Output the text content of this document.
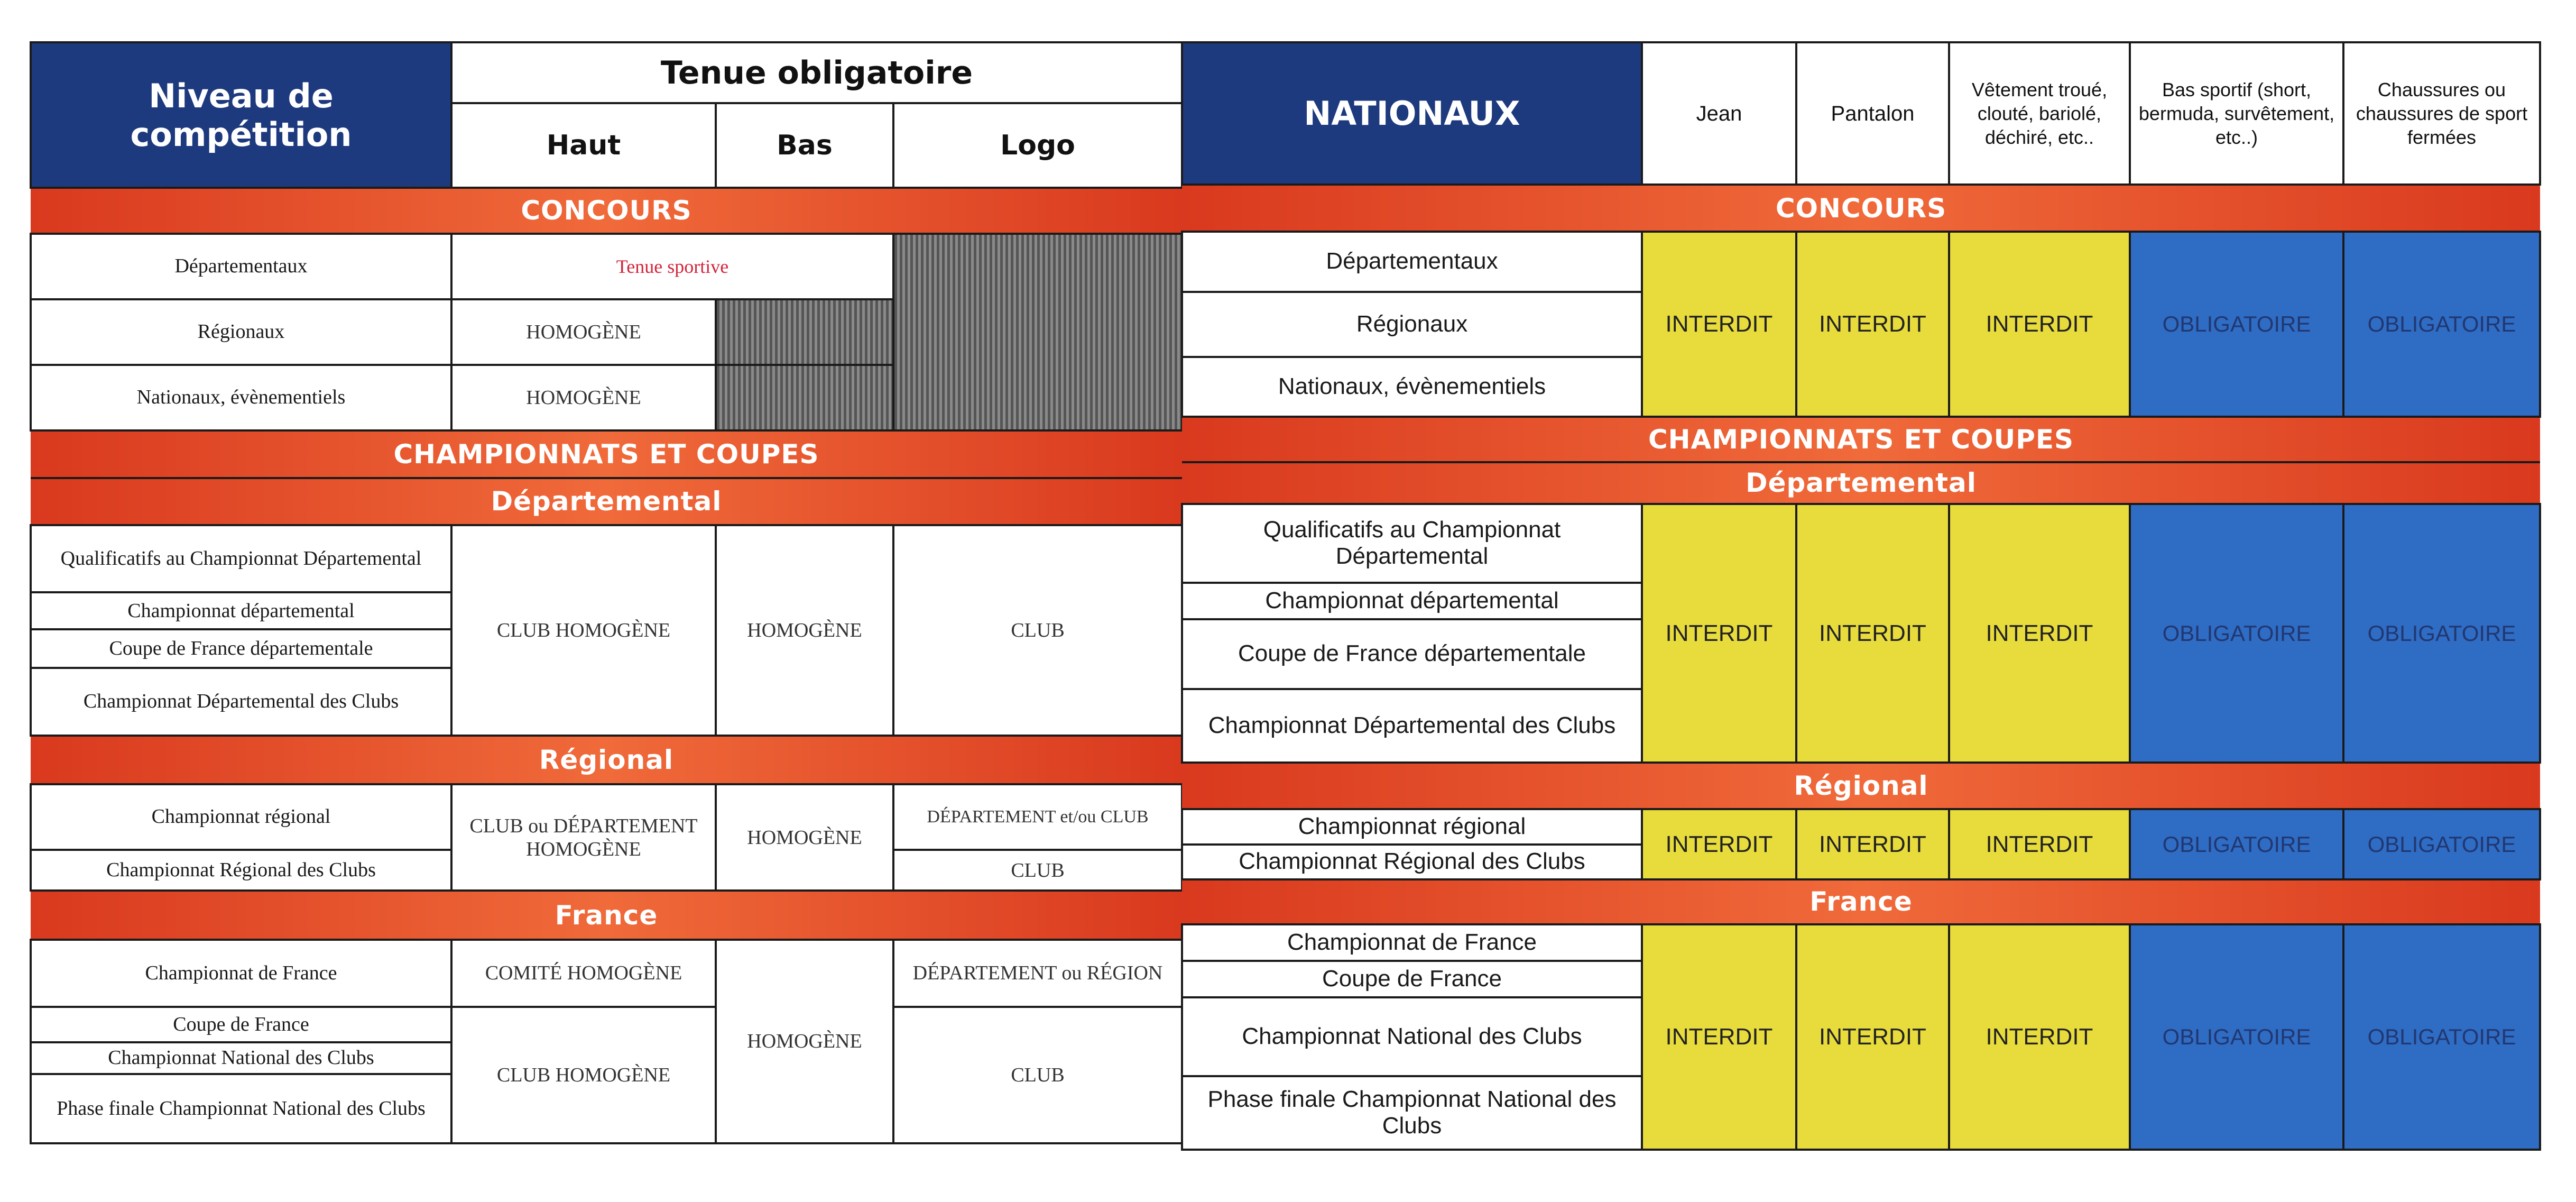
Niveau de compétition	Tenue obligatoire		
	Haut	Bas	Logo
CONCOURS			
Départementaux	Tenue sportive		
Régionaux	HOMOGÈNE		
Nationaux, évènementiels	HOMOGÈNE		
CHAMPIONNATS ET COUPES			
Départemental			
Qualificatifs au Championnat Départemental	CLUB HOMOGÈNE	HOMOGÈNE	CLUB
Championnat départemental			
Coupe de France départementale			
Championnat Départemental des Clubs			
Régional			
Championnat régional	CLUB ou DÉPARTEMENT HOMOGÈNE	HOMOGÈNE	DÉPARTEMENT et/ou CLUB
Championnat Régional des Clubs			CLUB
France			
Championnat de France	COMITÉ HOMOGÈNE	HOMOGÈNE	DÉPARTEMENT ou RÉGION
Coupe de France	CLUB HOMOGÈNE		CLUB
Championnat National des Clubs			
Phase finale Championnat National des Clubs			
NATIONAUX	Jean	Pantalon	Vêtement troué, clouté, bariolé, déchiré, etc..	Bas sportif (short, bermuda, survêtement, etc..)	Chaussures ou chaussures de sport fermées
CONCOURS					
Départementaux	INTERDIT	INTERDIT	INTERDIT	OBLIGATOIRE	OBLIGATOIRE
Régionaux					
Nationaux, évènementiels					
CHAMPIONNATS ET COUPES					
Départemental					
Qualificatifs au Championnat Départemental	INTERDIT	INTERDIT	INTERDIT	OBLIGATOIRE	OBLIGATOIRE
Championnat départemental					
Coupe de France départementale					
Championnat Départemental des Clubs					
Régional					
Championnat régional	INTERDIT	INTERDIT	INTERDIT	OBLIGATOIRE	OBLIGATOIRE
Championnat Régional des Clubs					
France					
Championnat de France	INTERDIT	INTERDIT	INTERDIT	OBLIGATOIRE	OBLIGATOIRE
Coupe de France					
Championnat National des Clubs					
Phase finale Championnat National des Clubs					
